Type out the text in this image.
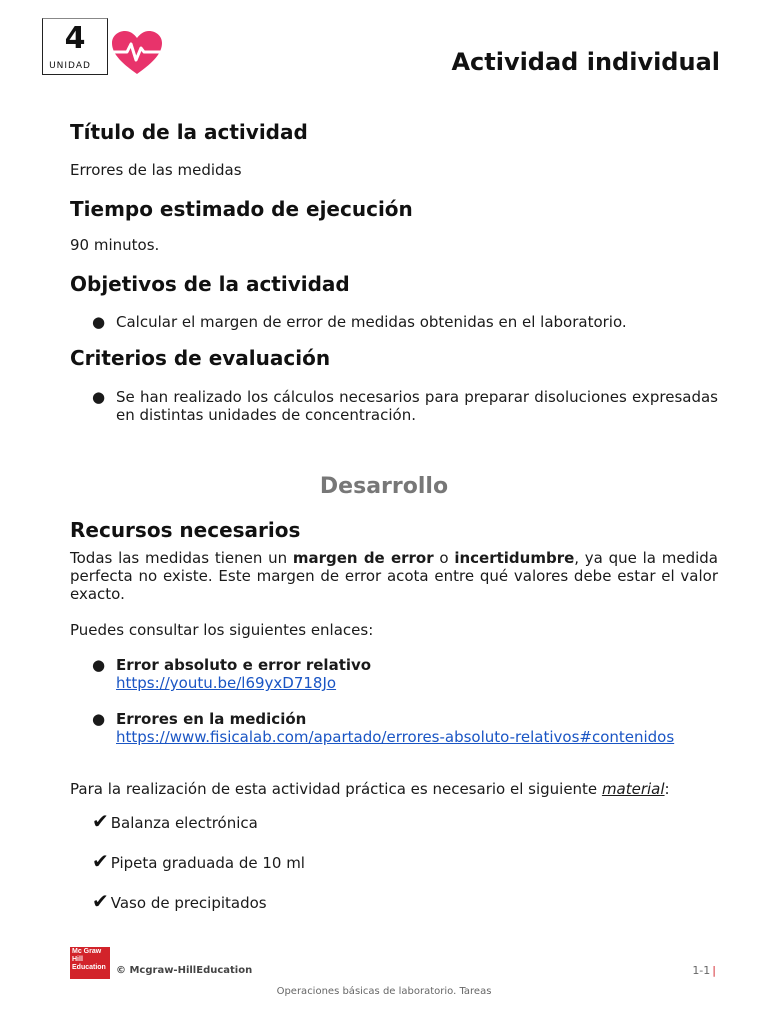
4
UNIDAD	Actividad individual
Título de la actividad

Errores de las medidas

Tiempo estimado de ejecución

90 minutos.

Objetivos de la actividad
● Calcular el margen de error de medidas obtenidas en el laboratorio.
Criterios de evaluación
● Se han realizado los cálculos necesarios para preparar disoluciones expresadas en distintas unidades de concentración.
Desarrollo
Recursos necesarios

Todas las medidas tienen un margen de error o incertidumbre, ya que la medida perfecta no existe. Este margen de error acota entre qué valores debe estar el valor exacto.

Puedes consultar los siguientes enlaces:

● Error absoluto e error relativo
https://youtu.be/l69yxD718Jo
● Errores en la medición
https://www.fisicalab.com/apartado/errores-absoluto-relativos#contenidos

Para la realización de esta actividad práctica es necesario el siguiente material:

✔ Balanza electrónica
✔ Pipeta graduada de 10 ml
✔ Vaso de precipitados
Mc Graw Hill Education	© Mcgraw-HillEducation	1-1 |
Operaciones básicas de laboratorio. Tareas
